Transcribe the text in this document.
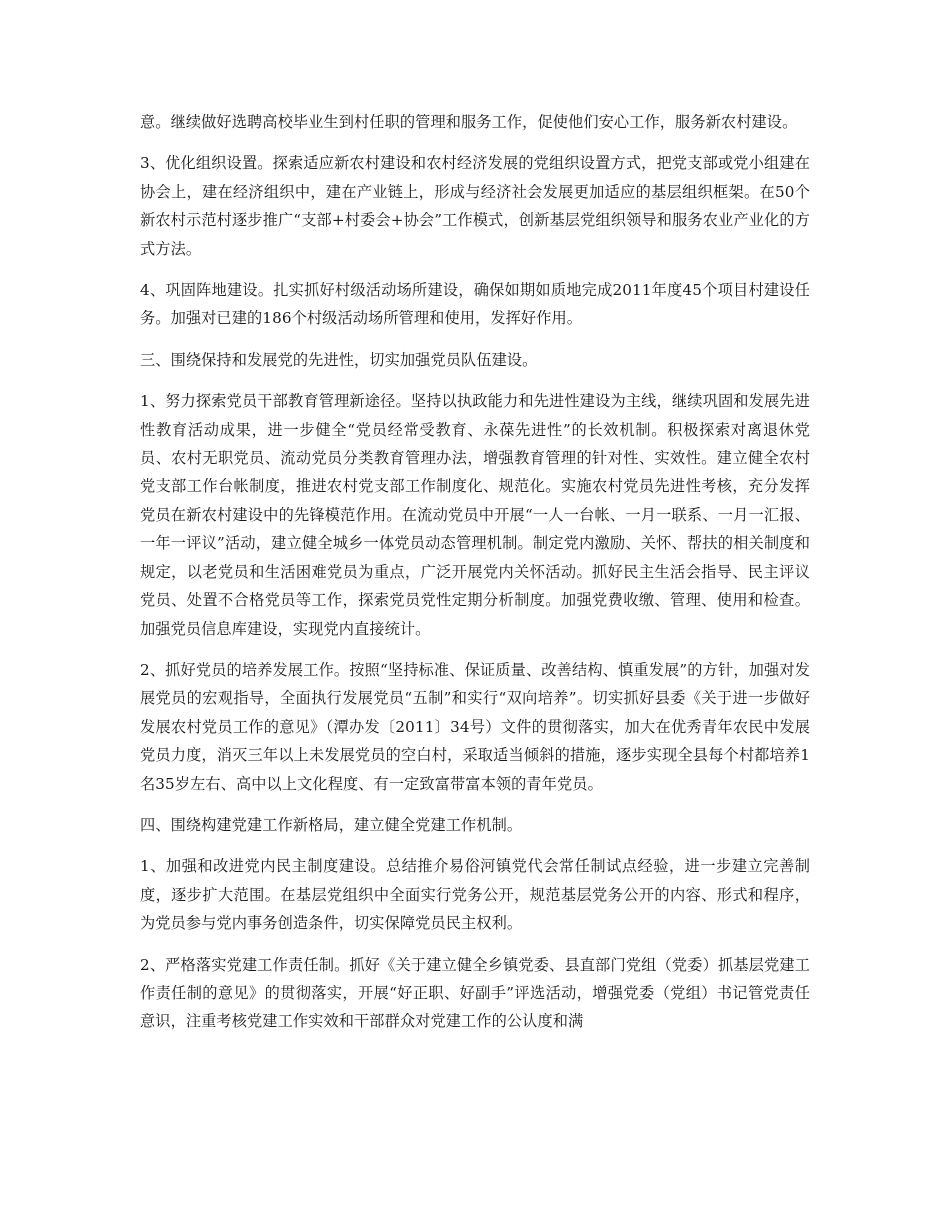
意。继续做好选聘高校毕业生到村任职的管理和服务工作，促使他们安心工作，服务新农村建设。

3、优化组织设置。探索适应新农村建设和农村经济发展的党组织设置方式，把党支部或党小组建在协会上，建在经济组织中，建在产业链上，形成与经济社会发展更加适应的基层组织框架。在50个新农村示范村逐步推广“支部+村委会+协会”工作模式，创新基层党组织领导和服务农业产业化的方式方法。

4、巩固阵地建设。扎实抓好村级活动场所建设，确保如期如质地完成2011年度45个项目村建设任务。加强对已建的186个村级活动场所管理和使用，发挥好作用。

三、围绕保持和发展党的先进性，切实加强党员队伍建设。

1、努力探索党员干部教育管理新途径。坚持以执政能力和先进性建设为主线，继续巩固和发展先进性教育活动成果，进一步健全“党员经常受教育、永葆先进性”的长效机制。积极探索对离退休党员、农村无职党员、流动党员分类教育管理办法，增强教育管理的针对性、实效性。建立健全农村党支部工作台帐制度，推进农村党支部工作制度化、规范化。实施农村党员先进性考核，充分发挥党员在新农村建设中的先锋模范作用。在流动党员中开展“一人一台帐、一月一联系、一月一汇报、一年一评议”活动，建立健全城乡一体党员动态管理机制。制定党内激励、关怀、帮扶的相关制度和规定，以老党员和生活困难党员为重点，广泛开展党内关怀活动。抓好民主生活会指导、民主评议党员、处置不合格党员等工作，探索党员党性定期分析制度。加强党费收缴、管理、使用和检查。加强党员信息库建设，实现党内直接统计。

2、抓好党员的培养发展工作。按照“坚持标准、保证质量、改善结构、慎重发展”的方针，加强对发展党员的宏观指导，全面执行发展党员“五制”和实行“双向培养”。切实抓好县委《关于进一步做好发展农村党员工作的意见》（潭办发〔2011〕34号）文件的贯彻落实，加大在优秀青年农民中发展党员力度，消灭三年以上未发展党员的空白村，采取适当倾斜的措施，逐步实现全县每个村都培养1名35岁左右、高中以上文化程度、有一定致富带富本领的青年党员。

四、围绕构建党建工作新格局，建立健全党建工作机制。

1、加强和改进党内民主制度建设。总结推介易俗河镇党代会常任制试点经验，进一步建立完善制度，逐步扩大范围。在基层党组织中全面实行党务公开，规范基层党务公开的内容、形式和程序，为党员参与党内事务创造条件，切实保障党员民主权利。

2、严格落实党建工作责任制。抓好《关于建立健全乡镇党委、县直部门党组（党委）抓基层党建工作责任制的意见》的贯彻落实，开展“好正职、好副手”评选活动，增强党委（党组）书记管党责任意识，注重考核党建工作实效和干部群众对党建工作的公认度和满
